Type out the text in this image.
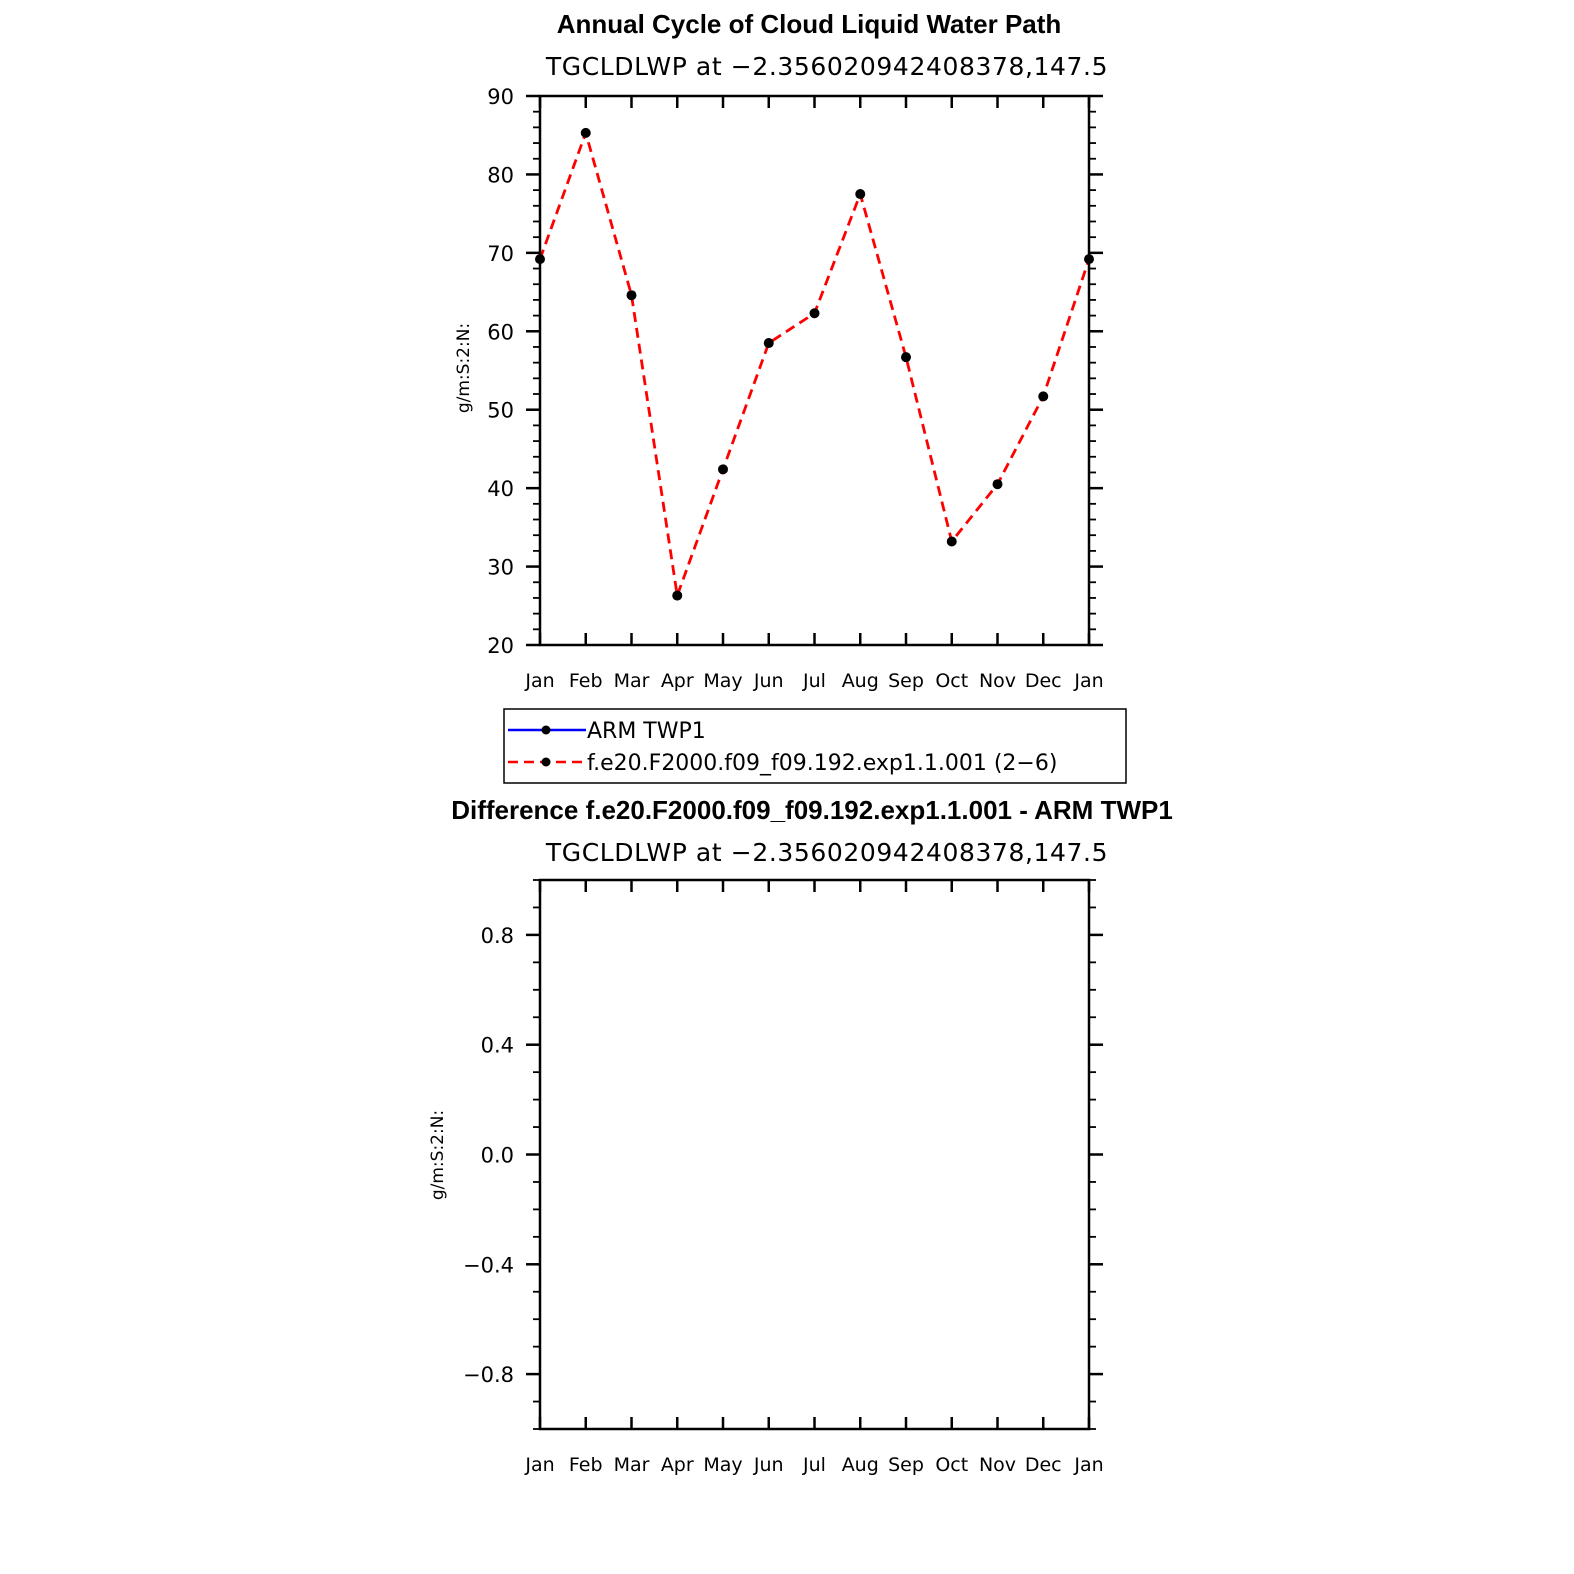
Annual Cycle of Cloud Liquid Water Path
TGCLDLWP at −2.356020942408378,147.5
g/m:S:2:N:
Jan Feb Mar Apr May Jun Jul Aug Sep Oct Nov Dec Jan
20
30
40
50
60
70
80
90
ARM TWP1
f.e20.F2000.f09_f09.192.exp1.1.001 (2−6)
Difference f.e20.F2000.f09_f09.192.exp1.1.001 - ARM TWP1
TGCLDLWP at −2.356020942408378,147.5
g/m:S:2:N:
Jan Feb Mar Apr May Jun Jul Aug Sep Oct Nov Dec Jan
−0.8
−0.4
0.0
0.4
0.8
